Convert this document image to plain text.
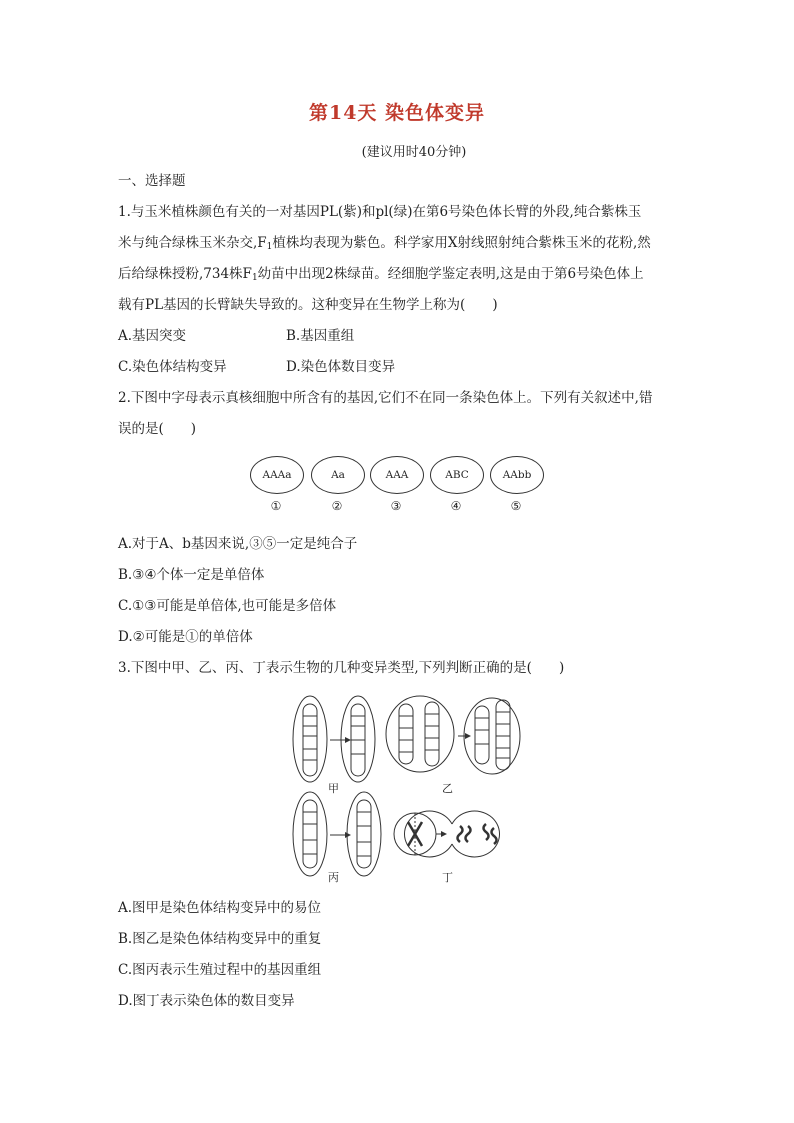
第14天 染色体变异
(建议用时40分钟)
一、选择题
1.与玉米植株颜色有关的一对基因PL(紫)和pl(绿)在第6号染色体长臂的外段,纯合紫株玉
米与纯合绿株玉米杂交$,F_1$植株均表现为紫色。科学家用X射线照射纯合紫株玉米的花粉,然
后给绿株授粉,734株$F_1$幼苗中出现2株绿苗。经细胞学鉴定表明,这是由于第6号染色体上
载有PL基因的长臂缺失导致的。这种变异在生物学上称为(　　)
A.基因突变	B.基因重组
C.染色体结构变异	D.染色体数目变异
2.下图中字母表示真核细胞中所含有的基因,它们不在同一条染色体上。下列有关叙述中,错
误的是(　　)
AAAa
①
Aa
②
AAA
③
ABC
④
AAbb
⑤
A.对于A、b基因来说,③⑤一定是纯合子
B.③④个体一定是单倍体
C.①③可能是单倍体,也可能是多倍体
D.②可能是①的单倍体
3.下图中甲、乙、丙、丁表示生物的几种变异类型,下列判断正确的是(　　)
甲	乙
丙	丁
A.图甲是染色体结构变异中的易位
B.图乙是染色体结构变异中的重复
C.图丙表示生殖过程中的基因重组
D.图丁表示染色体的数目变异
